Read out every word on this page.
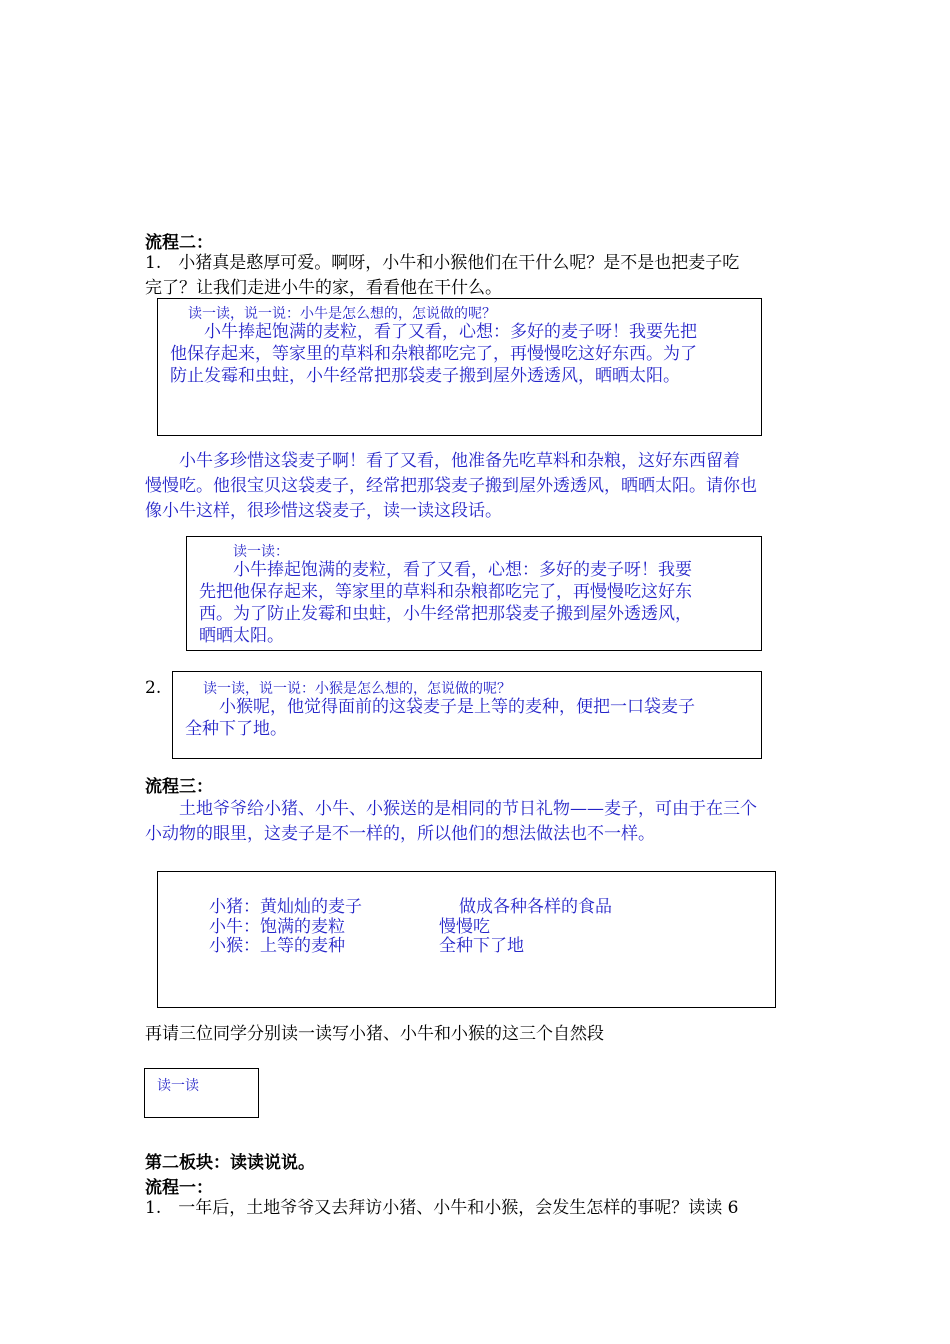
流程二：
1.　小猪真是憨厚可爱。啊呀，小牛和小猴他们在干什么呢？是不是也把麦子吃
完了？让我们走进小牛的家，看看他在干什么。
读一读，说一说：小牛是怎么想的，怎说做的呢？
　　小牛捧起饱满的麦粒，看了又看，心想：多好的麦子呀！我要先把
他保存起来，等家里的草料和杂粮都吃完了，再慢慢吃这好东西。为了
防止发霉和虫蛀，小牛经常把那袋麦子搬到屋外透透风，晒晒太阳。
　　小牛多珍惜这袋麦子啊！看了又看，他准备先吃草料和杂粮，这好东西留着
慢慢吃。他很宝贝这袋麦子，经常把那袋麦子搬到屋外透透风，晒晒太阳。请你也
像小牛这样，很珍惜这袋麦子，读一读这段话。
读一读：
　　小牛捧起饱满的麦粒，看了又看，心想：多好的麦子呀！我要
先把他保存起来，等家里的草料和杂粮都吃完了，再慢慢吃这好东
西。为了防止发霉和虫蛀，小牛经常把那袋麦子搬到屋外透透风，
晒晒太阳。
2.	读一读，说一说：小猴是怎么想的，怎说做的呢？
　　小猴呢，他觉得面前的这袋麦子是上等的麦种，便把一口袋麦子
全种下了地。
流程三：
　　土地爷爷给小猪、小牛、小猴送的是相同的节日礼物——麦子，可由于在三个
小动物的眼里，这麦子是不一样的，所以他们的想法做法也不一样。
小猪：黄灿灿的麦子	做成各种各样的食品
小牛：饱满的麦粒	慢慢吃
小猴：上等的麦种	全种下了地
再请三位同学分别读一读写小猪、小牛和小猴的这三个自然段
读一读
第二板块：读读说说。
流程一：
1.　一年后，土地爷爷又去拜访小猪、小牛和小猴，会发生怎样的事呢？读读 6
